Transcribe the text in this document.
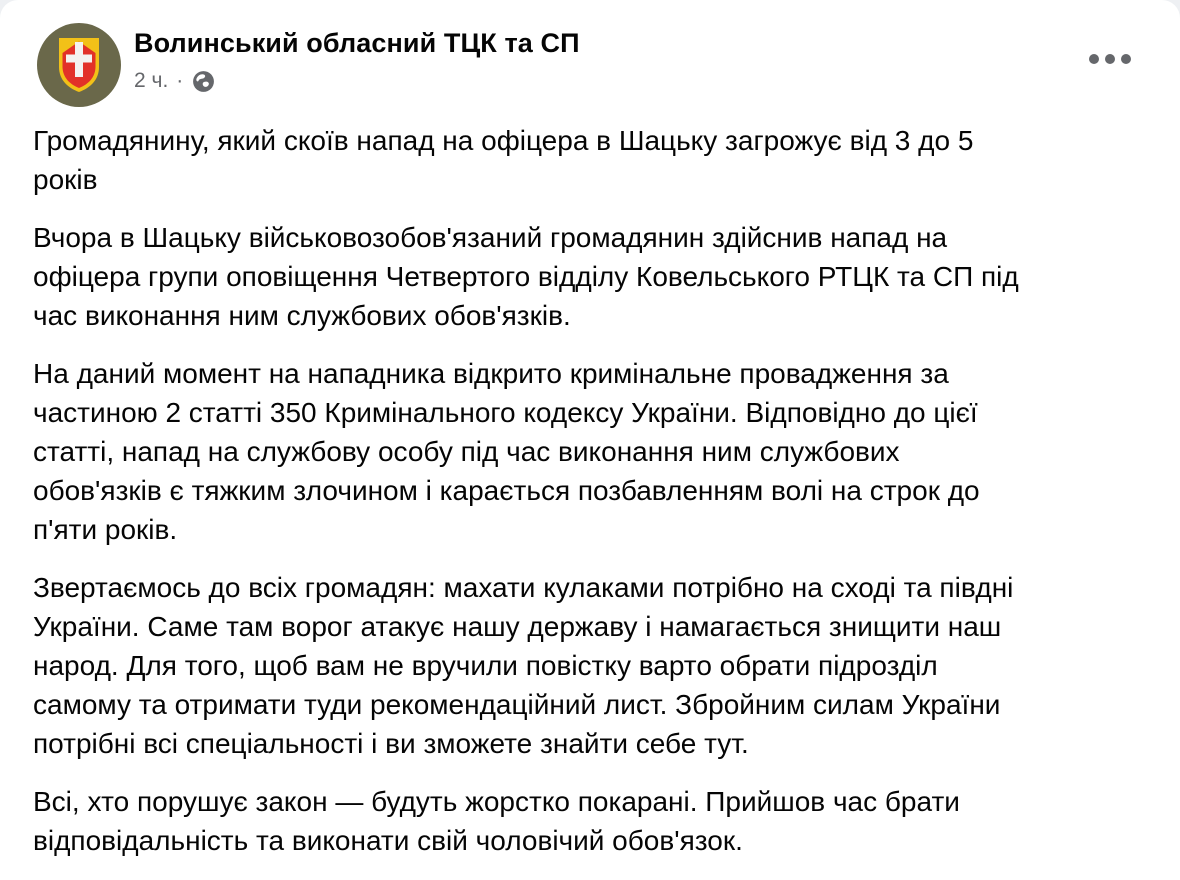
Волинський обласний ТЦК та СП
2 ч. ·
Громадянину, який скоїв напад на офіцера в Шацьку загрожує від 3 до 5
років
Вчора в Шацьку військовозобов'язаний громадянин здійснив напад на
офіцера групи оповіщення Четвертого відділу Ковельського РТЦК та СП під
час виконання ним службових обов'язків.
На даний момент на нападника відкрито кримінальне провадження за
частиною 2 статті 350 Кримінального кодексу України. Відповідно до цієї
статті, напад на службову особу під час виконання ним службових
обов'язків є тяжким злочином і карається позбавленням волі на строк до
п'яти років.
Звертаємось до всіх громадян: махати кулаками потрібно на сході та півдні
України. Саме там ворог атакує нашу державу і намагається знищити наш
народ. Для того, щоб вам не вручили повістку варто обрати підрозділ
самому та отримати туди рекомендаційний лист. Збройним силам України
потрібні всі спеціальності і ви зможете знайти себе тут.
Всі, хто порушує закон — будуть жорстко покарані. Прийшов час брати
відповідальність та виконати свій чоловічий обов'язок.
